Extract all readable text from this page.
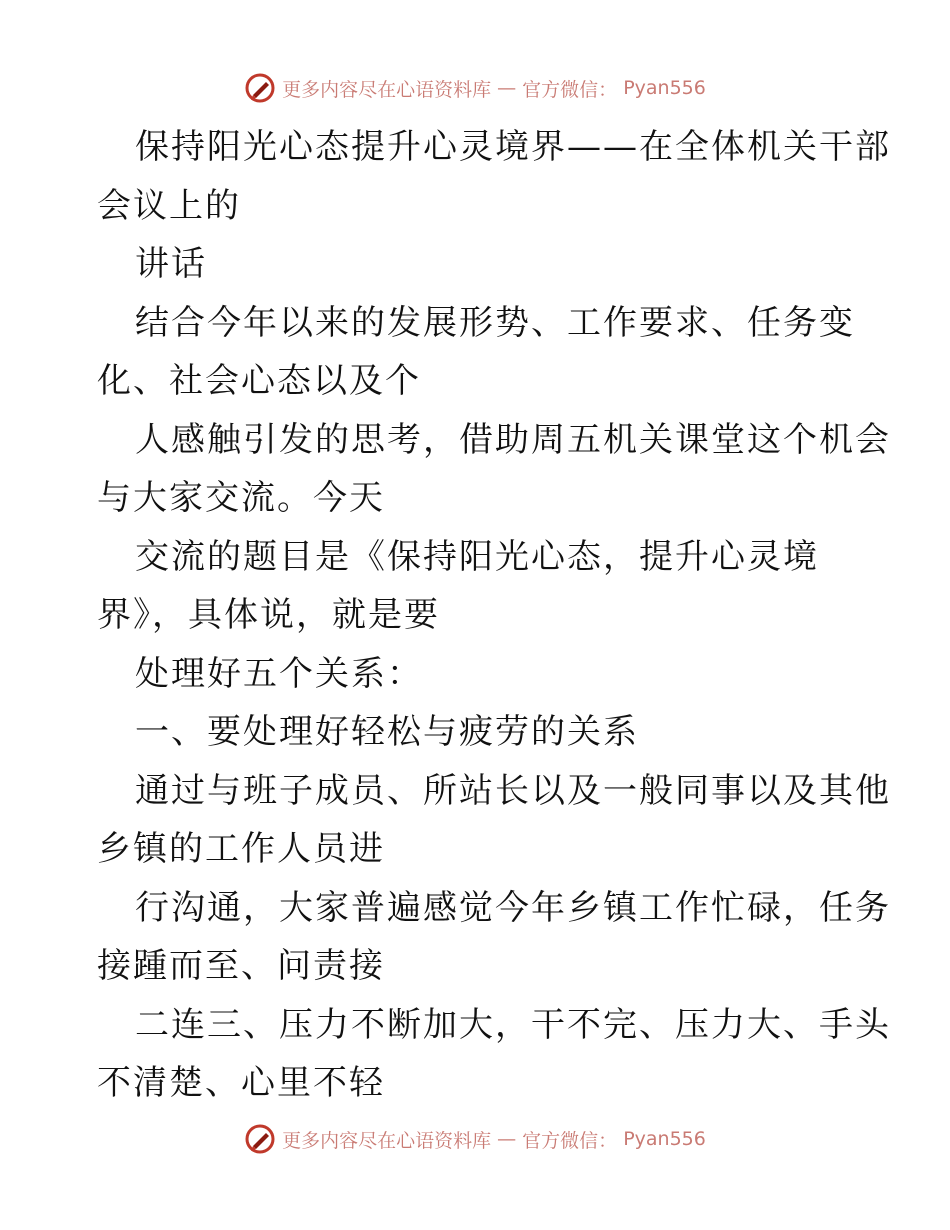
更多内容尽在心语资料库 — 官方微信： Pyan556
保持阳光心态提升心灵境界——在全体机关干部
会议上的
讲话
结合今年以来的发展形势、工作要求、任务变
化、社会心态以及个
人感触引发的思考，借助周五机关课堂这个机会
与大家交流。今天
交流的题目是《保持阳光心态，提升心灵境
界》，具体说，就是要
处理好五个关系：
一、要处理好轻松与疲劳的关系
通过与班子成员、所站长以及一般同事以及其他
乡镇的工作人员进
行沟通，大家普遍感觉今年乡镇工作忙碌，任务
接踵而至、问责接
二连三、压力不断加大，干不完、压力大、手头
不清楚、心里不轻
更多内容尽在心语资料库 — 官方微信： Pyan556
